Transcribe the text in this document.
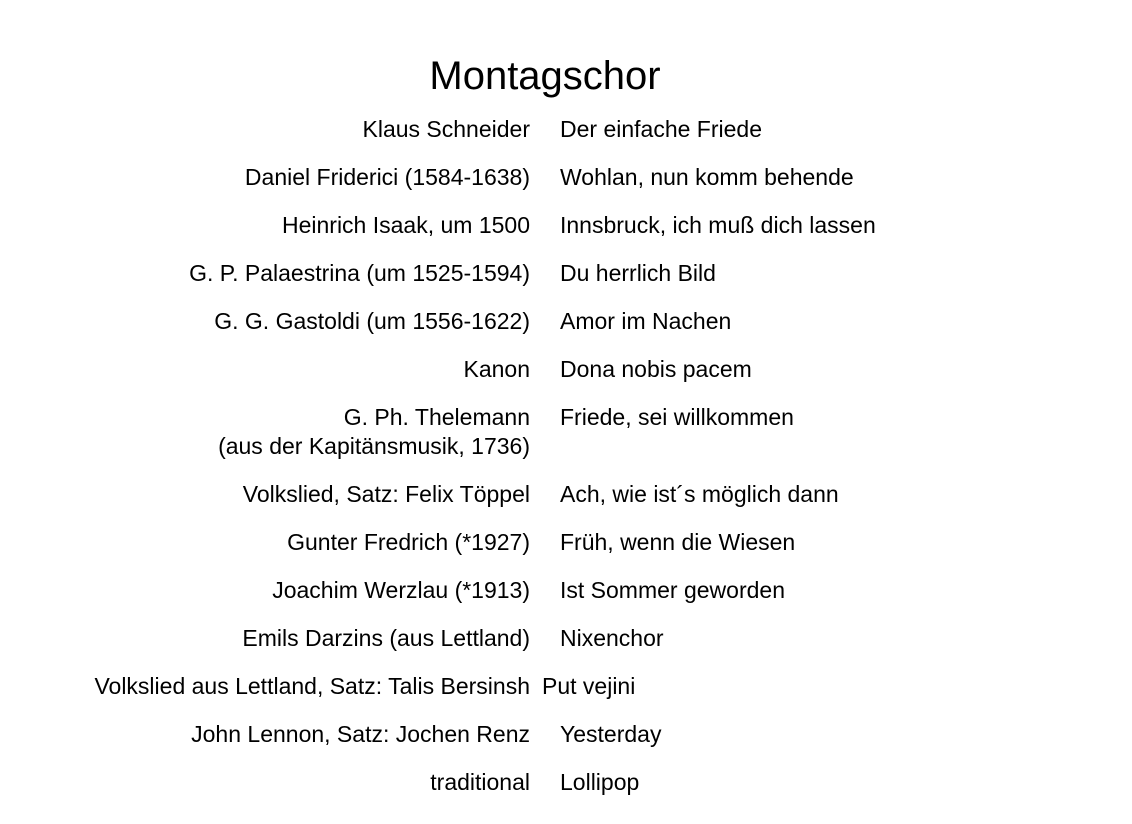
Montagschor
Klaus Schneider Der einfache Friede
Daniel Friderici (1584-1638) Wohlan, nun komm behende
Heinrich Isaak, um 1500 Innsbruck, ich muß dich lassen
G. P. Palaestrina (um 1525-1594) Du herrlich Bild
G. G. Gastoldi (um 1556-1622) Amor im Nachen
Kanon Dona nobis pacem
G. Ph. Thelemann
(aus der Kapitänsmusik, 1736)
Friede, sei willkommen
Volkslied, Satz: Felix Töppel Ach, wie ist´s möglich dann
Gunter Fredrich (*1927) Früh, wenn die Wiesen
Joachim Werzlau (*1913) Ist Sommer geworden
Emils Darzins (aus Lettland) Nixenchor
Volkslied aus Lettland, Satz: Talis Bersinsh Put vejini
John Lennon, Satz: Jochen Renz Yesterday
traditional Lollipop
